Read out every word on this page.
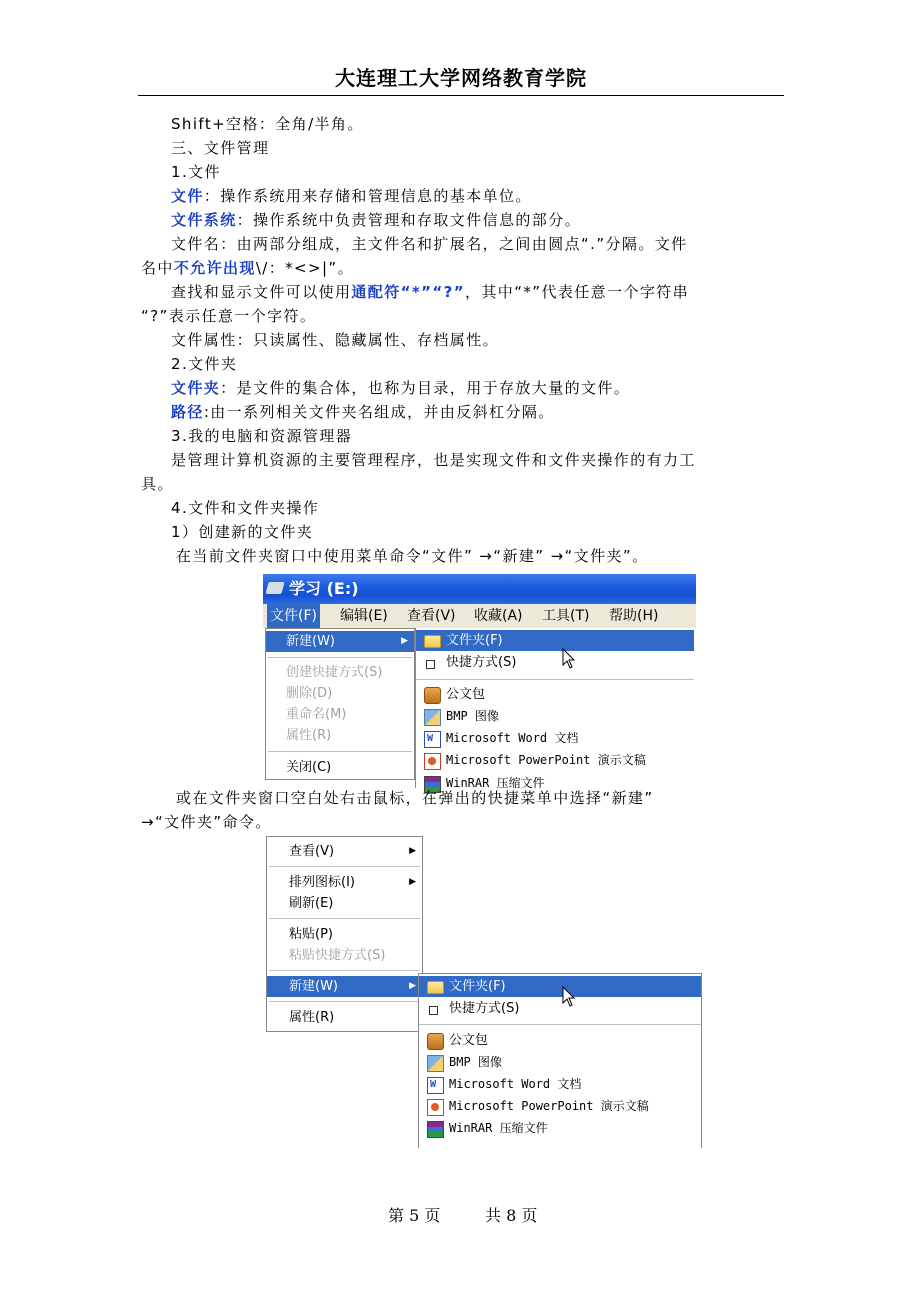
大连理工大学网络教育学院
Shift+空格：全角/半角。
三、文件管理
1.文件
文件：操作系统用来存储和管理信息的基本单位。
文件系统：操作系统中负责管理和存取文件信息的部分。
文件名：由两部分组成，主文件名和扩展名，之间由圆点“.”分隔。文件
名中不允许出现\/：*<>|”。
查找和显示文件可以使用通配符“*”“?”，其中“*”代表任意一个字符串
“?”表示任意一个字符。
文件属性：只读属性、隐藏属性、存档属性。
2.文件夹
文件夹：是文件的集合体，也称为目录，用于存放大量的文件。
路径:由一系列相关文件夹名组成，并由反斜杠分隔。
3.我的电脑和资源管理器
是管理计算机资源的主要管理程序，也是实现文件和文件夹操作的有力工
具。
4.文件和文件夹操作
1）创建新的文件夹
在当前文件夹窗口中使用菜单命令“文件” →“新建” →“文件夹”。
学习 (E:)
文件(F) 编辑(E) 查看(V) 收藏(A) 工具(T) 帮助(H)
新建(W)	▶
创建快捷方式(S)
删除(D)
重命名(M)
属性(R)
关闭(C)
文件夹(F)
快捷方式(S)
公文包
BMP 图像
W
Microsoft Word 文档
Microsoft PowerPoint 演示文稿
WinRAR 压缩文件
或在文件夹窗口空白处右击鼠标，在弹出的快捷菜单中选择“新建”
→“文件夹”命令。
查看(V)	▶
排列图标(I)	▶
刷新(E)
粘贴(P)
粘贴快捷方式(S)
新建(W)	▶
属性(R)
文件夹(F)
快捷方式(S)
公文包
BMP 图像
W
Microsoft Word 文档
Microsoft PowerPoint 演示文稿
WinRAR 压缩文件
第 5 页	共 8 页
